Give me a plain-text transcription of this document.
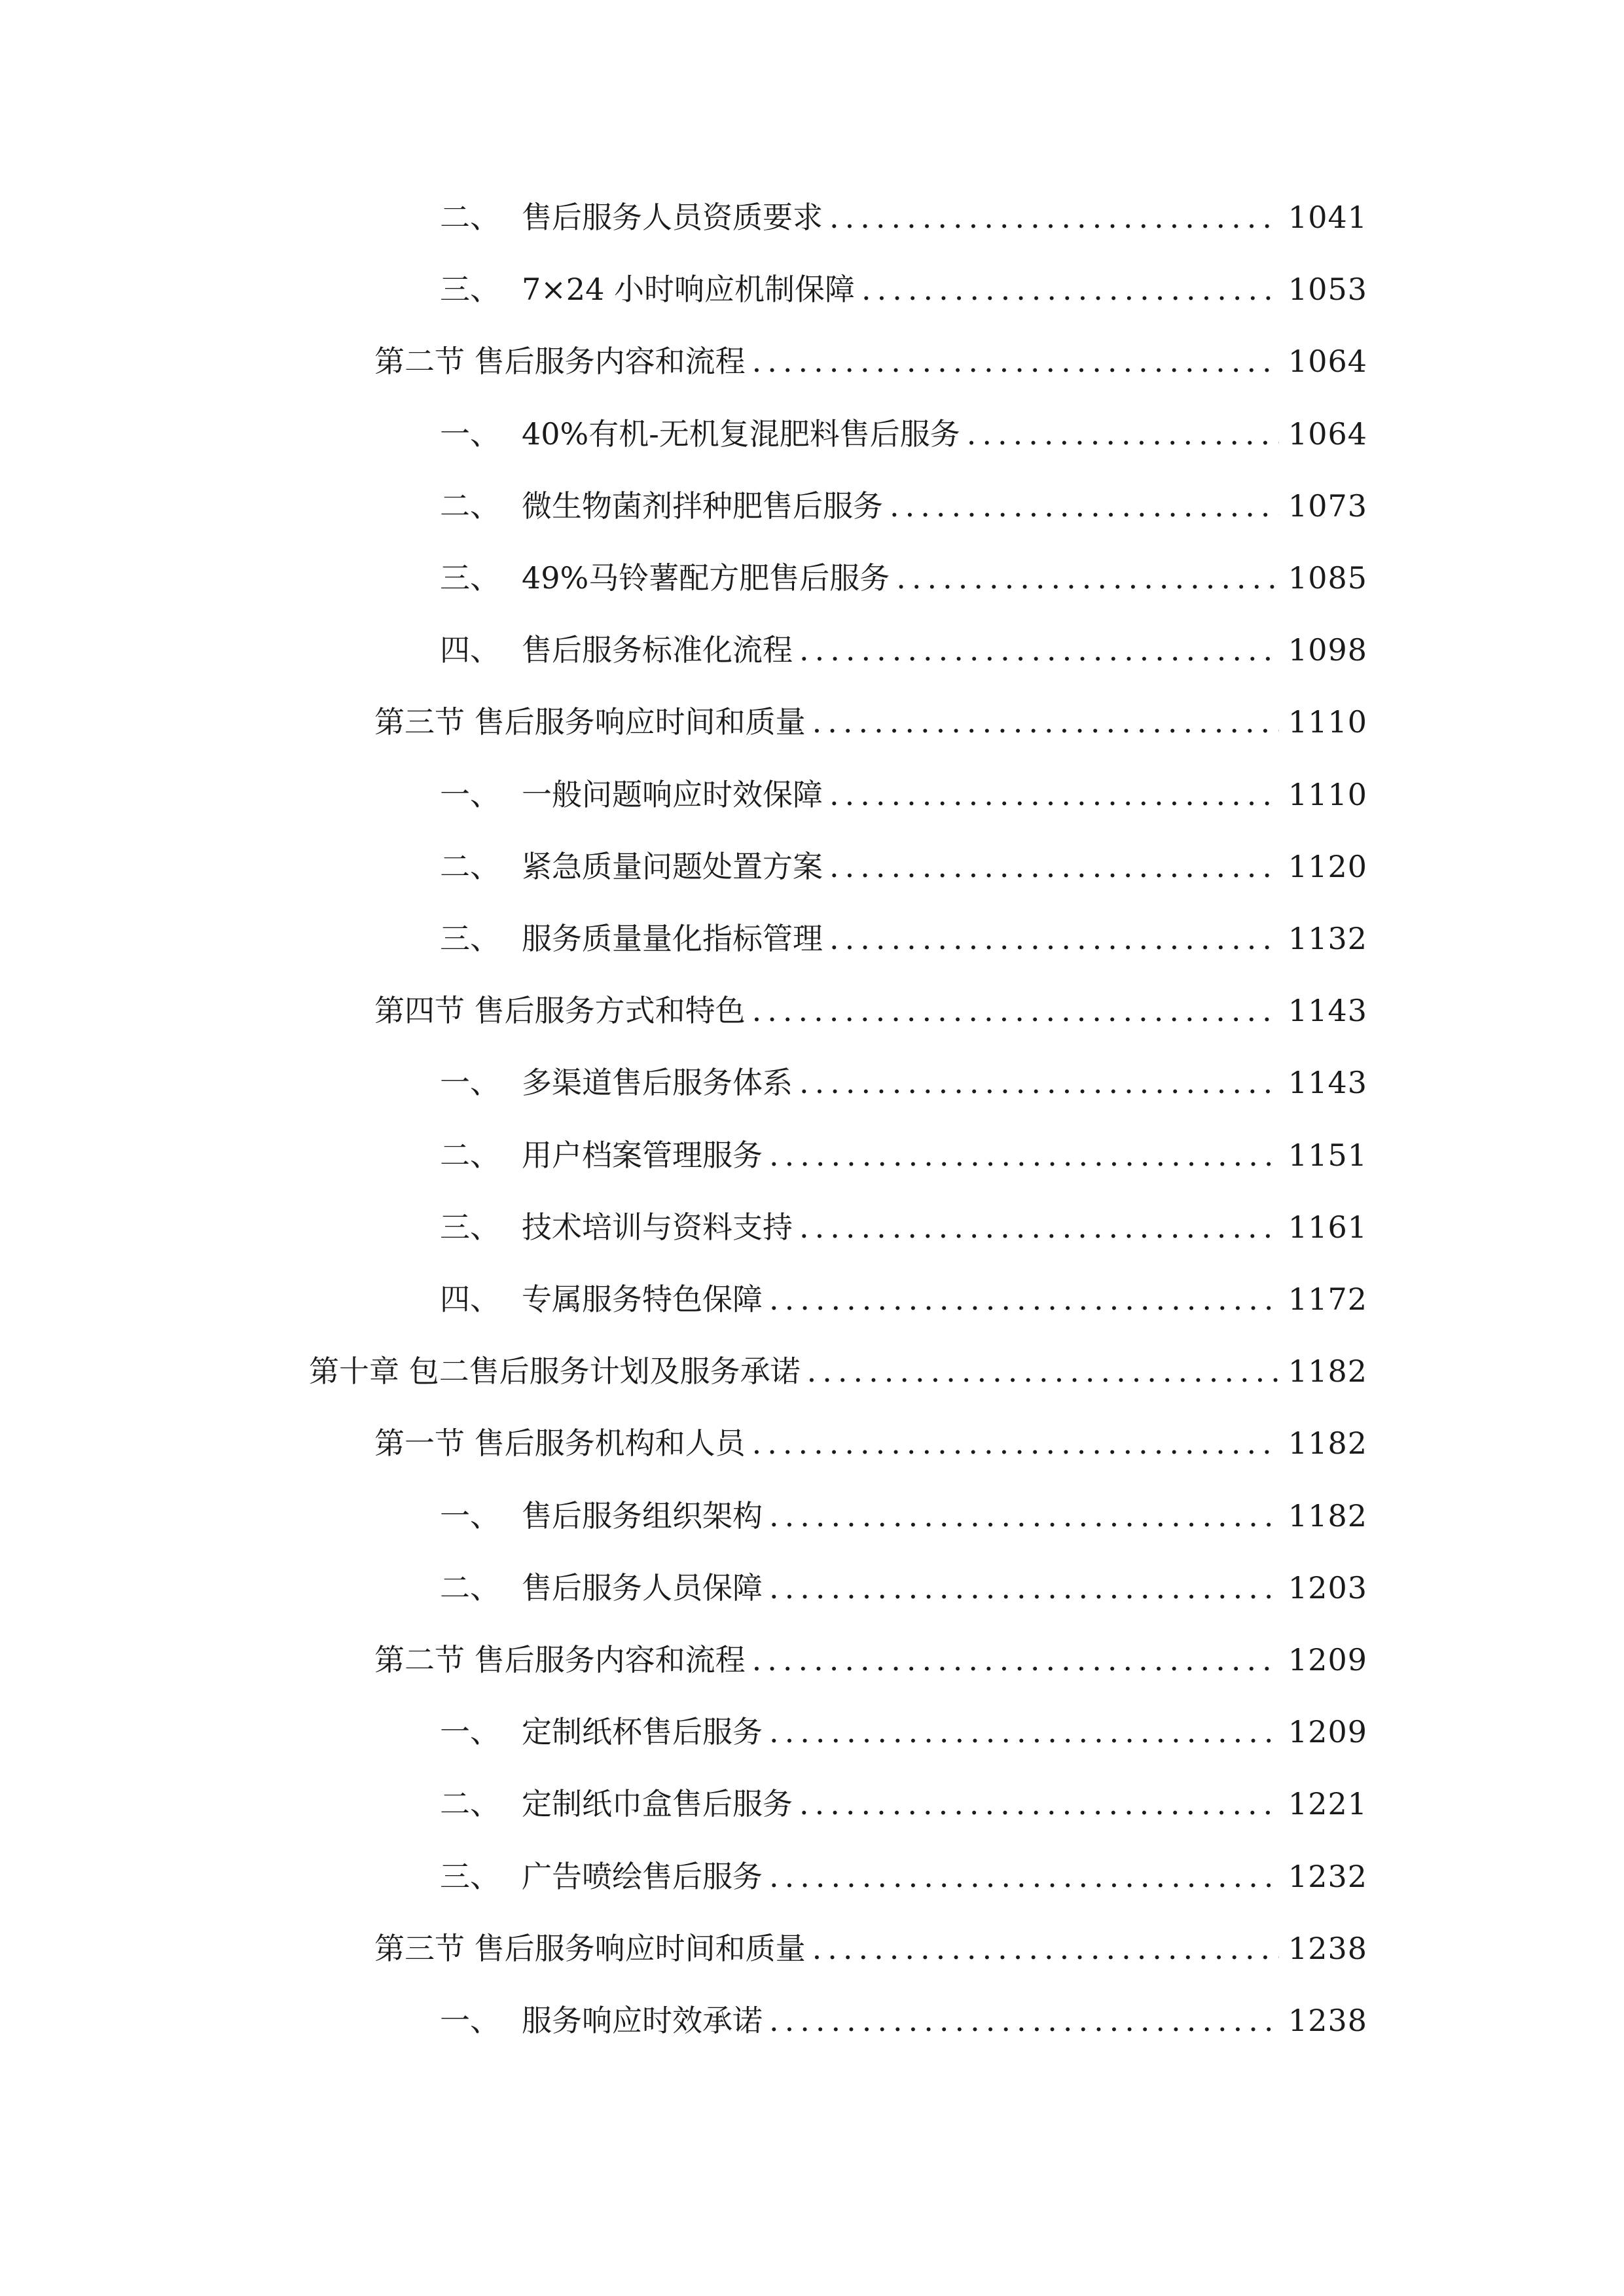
二、 售后服务人员资质要求 .....	1041
三、 7×24 小时响应机制保障 .....	1053
第二节 售后服务内容和流程 .....	1064
一、 40%有机-无机复混肥料售后服务 .....	1064
二、 微生物菌剂拌种肥售后服务 .....	1073
三、 49%马铃薯配方肥售后服务 .....	1085
四、 售后服务标准化流程 .....	1098
第三节 售后服务响应时间和质量 .....	1110
一、 一般问题响应时效保障 .....	1110
二、 紧急质量问题处置方案 .....	1120
三、 服务质量量化指标管理 .....	1132
第四节 售后服务方式和特色 .....	1143
一、 多渠道售后服务体系 .....	1143
二、 用户档案管理服务 .....	1151
三、 技术培训与资料支持 .....	1161
四、 专属服务特色保障 .....	1172
第十章 包二售后服务计划及服务承诺 .....	1182
第一节 售后服务机构和人员 .....	1182
一、 售后服务组织架构 .....	1182
二、 售后服务人员保障 .....	1203
第二节 售后服务内容和流程 .....	1209
一、 定制纸杯售后服务 .....	1209
二、 定制纸巾盒售后服务 .....	1221
三、 广告喷绘售后服务 .....	1232
第三节 售后服务响应时间和质量 .....	1238
一、 服务响应时效承诺 .....	1238
